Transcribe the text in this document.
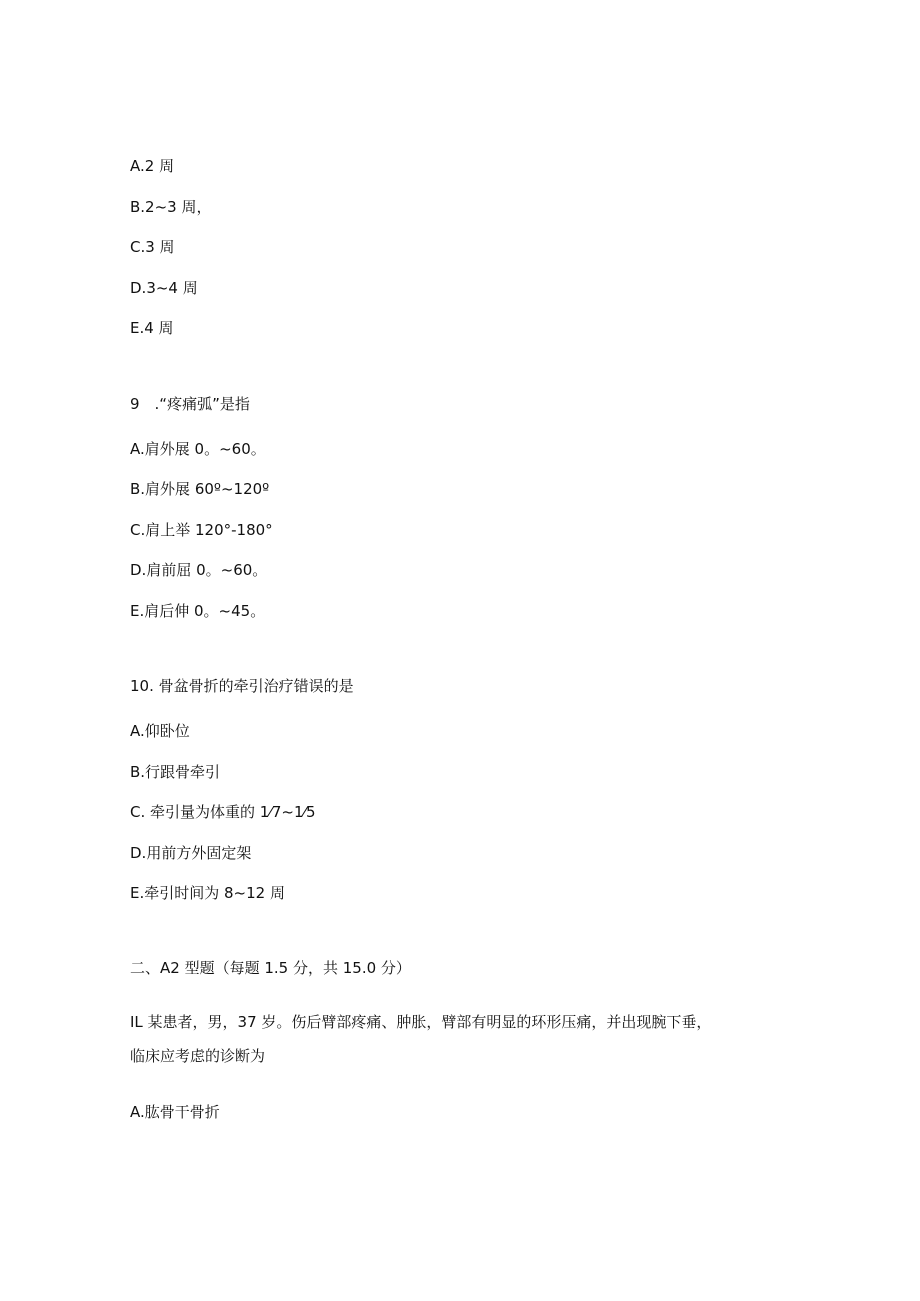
A.2 周
B.2~3 周，
C.3 周
D.3~4 周
E.4 周
9　.“疼痛弧”是指
A.肩外展 0。~60。
B.肩外展 60º~120º
C.肩上举 120°-180°
D.肩前屈 0。~60。
E.肩后伸 0。~45。
10. 骨盆骨折的牵引治疗错误的是
A.仰卧位
B.行跟骨牵引
C. 牵引量为体重的 1⁄7~1⁄5
D.用前方外固定架
E.牵引时间为 8~12 周
二、A2 型题（每题 1.5 分，共 15.0 分）
IL 某患者，男，37 岁。伤后臂部疼痛、肿胀，臂部有明显的环形压痛，并出现腕下垂，
临床应考虑的诊断为
A.肱骨干骨折
